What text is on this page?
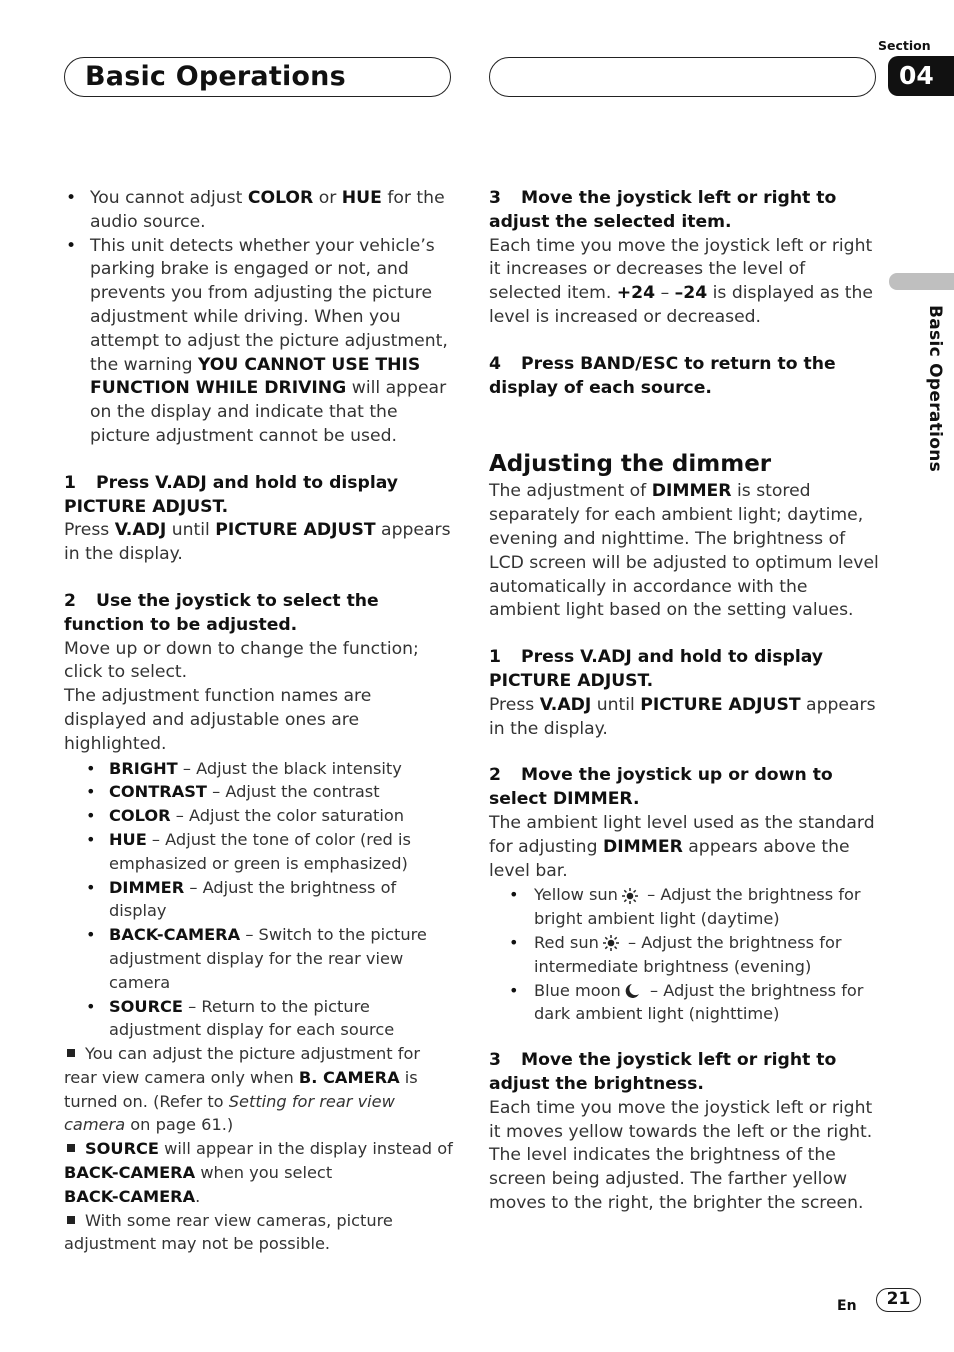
Basic Operations
Section
04
Basic Operations
• You cannot adjust COLOR or HUE for the audio source.
• This unit detects whether your vehicle’s parking brake is engaged or not, and prevents you from adjusting the picture adjustment while driving. When you attempt to adjust the picture adjustment, the warning YOU CANNOT USE THIS FUNCTION WHILE DRIVING will appear on the display and indicate that the picture adjustment cannot be used.
1 Press V.ADJ and hold to display PICTURE ADJUST.
Press V.ADJ until PICTURE ADJUST appears in the display.
2 Use the joystick to select the function to be adjusted.
Move up or down to change the function; click to select.
The adjustment function names are displayed and adjustable ones are highlighted.
• BRIGHT – Adjust the black intensity
• CONTRAST – Adjust the contrast
• COLOR – Adjust the color saturation
• HUE – Adjust the tone of color (red is emphasized or green is emphasized)
• DIMMER – Adjust the brightness of display
• BACK-CAMERA – Switch to the picture adjustment display for the rear view camera
• SOURCE – Return to the picture adjustment display for each source
You can adjust the picture adjustment for rear view camera only when B. CAMERA is turned on. (Refer to Setting for rear view camera on page 61.)
SOURCE will appear in the display instead of BACK-CAMERA when you select
BACK-CAMERA.
With some rear view cameras, picture adjustment may not be possible.
3 Move the joystick left or right to adjust the selected item.
Each time you move the joystick left or right it increases or decreases the level of selected item. +24 – –24 is displayed as the level is increased or decreased.
4 Press BAND/ESC to return to the display of each source.
Adjusting the dimmer
The adjustment of DIMMER is stored separately for each ambient light; daytime, evening and nighttime. The brightness of LCD screen will be adjusted to optimum level automatically in accordance with the ambient light based on the setting values.
1 Press V.ADJ and hold to display PICTURE ADJUST.
Press V.ADJ until PICTURE ADJUST appears in the display.
2 Move the joystick up or down to select DIMMER.
The ambient light level used as the standard for adjusting DIMMER appears above the level bar.
• Yellow sun – Adjust the brightness for bright ambient light (daytime)
• Red sun – Adjust the brightness for intermediate brightness (evening)
• Blue moon – Adjust the brightness for dark ambient light (nighttime)
3 Move the joystick left or right to adjust the brightness.
Each time you move the joystick left or right it moves yellow towards the left or the right.
The level indicates the brightness of the screen being adjusted. The farther yellow moves to the right, the brighter the screen.
En	21
